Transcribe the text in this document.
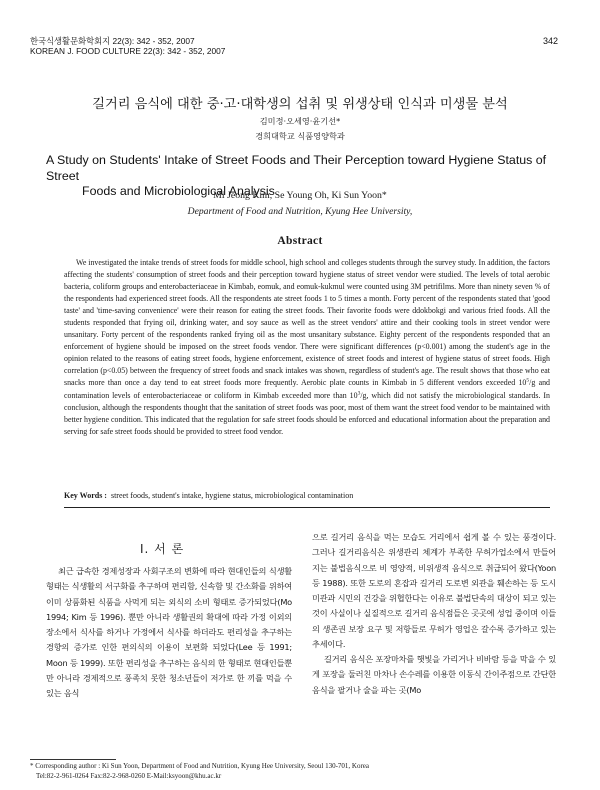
한국식생활문화학회지 22(3): 342 - 352, 2007
KOREAN J. FOOD CULTURE 22(3): 342 - 352, 2007
342
길거리 음식에 대한 중·고·대학생의 섭취 및 위생상태 인식과 미생물 분석
김미정·오세영·윤기선*
경희대학교 식품영양학과
A Study on Students' Intake of Street Foods and Their Perception toward Hygiene Status of Street
Foods and Microbiological Analysis
Mi Jeong Kim, Se Young Oh, Ki Sun Yoon*
Department of Food and Nutrition, Kyung Hee University,
Abstract
We investigated the intake trends of street foods for middle school, high school and colleges students through the survey study. In addition, the factors affecting the students' consumption of street foods and their perception toward hygiene status of street vendor were studied. The levels of total aerobic bacteria, coliform groups and enterobacteriaceae in Kimbab, eomuk, and eomuk-kukmul were counted using 3M petrifilms. More than ninety seven % of the respondents had experienced street foods. All the respondents ate street foods 1 to 5 times a month. Forty percent of the respondents stated that 'good taste' and 'time-saving convenience' were their reason for eating the street foods. Their favorite foods were ddokbokgi and various fried foods. All the students responded that frying oil, drinking water, and soy sauce as well as the street vendors' attire and their cooking tools in street vendor were unsanitary. Forty percent of the respondents ranked frying oil as the most unsanitary substance. Eighty percent of the respondents responded that an enforcement of hygiene should be imposed on the street foods vendor. There were significant differences (p<0.001) among the student's age in the opinion related to the reasons of eating street foods, hygiene enforcement, existence of street foods and interest of hygiene status of street foods. High correlation (p<0.05) between the frequency of street foods and snack intakes was shown, regardless of student's age. The result shows that those who eat snacks more than once a day tend to eat street foods more frequently. Aerobic plate counts in Kimbab in 5 different vendors exceeded $10^5/g$ and contamination levels of enterobacteriaceae or coliform in Kimbab exceeded more than $10^3/g$, which did not satisfy the microbiological standards. In conclusion, although the respondents thought that the sanitation of street foods was poor, most of them want the street food vendor to be maintained with better hygiene condition. This indicated that the regulation for safe street foods should be enforced and educational information about the preparation and serving for safe street foods should be provided to street food vendor.
Key Words : street foods, student's intake, hygiene status, microbiological contamination
I. 서 론

최근 급속한 경제성장과 사회구조의 변화에 따라 현대인들의 식생활 형태는 식생활의 서구화를 추구하며 편리함, 신속함 및 간소화를 위하여 이미 상품화된 식품을 사먹게 되는 외식의 소비 형태로 증가되었다(Mo 1994; Kim 등 1996). 뿐만 아니라 생활권의 확대에 따라 가정 이외의 장소에서 식사를 하거나 가정에서 식사를 하더라도 편리성을 추구하는 경향의 증가로 인한 편의식의 이용이 보편화 되었다(Lee 등 1991; Moon 등 1999). 또한 편리성을 추구하는 음식의 한 형태로 현대인들뿐만 아니라 경제적으로 풍족치 못한 청소년들이 저가로 한 끼를 먹을 수 있는 음식

으로 길거리 음식을 먹는 모습도 거리에서 쉽게 볼 수 있는 풍경이다. 그러나 길거리음식은 위생관리 체계가 부족한 무허가업소에서 만들어지는 불법음식으로 비 영양적, 비위생적 음식으로 취급되어 왔다(Yoon 등 1988). 또한 도로의 혼잡과 길거리 도로변 외관을 훼손하는 등 도시미관과 시민의 건강을 위협한다는 이유로 불법단속의 대상이 되고 있는 것이 사실이나 실질적으로 길거리 음식점들은 곳곳에 성업 중이며 이들의 생존권 보장 요구 및 저항들로 무허가 영업은 갈수록 증가하고 있는 추세이다.

길거리 음식은 포장마차를 햇빛을 가리거나 비바람 등을 막을 수 있게 포장을 둘러친 마차나 손수레를 이용한 이동식 간이주점으로 간단한 음식을 팔거나 술을 파는 곳(Mo

* Corresponding author : Ki Sun Yoon, Department of Food and Nutrition, Kyung Hee University, Seoul 130-701, Korea
Tel:82-2-961-0264 Fax:82-2-968-0260 E-Mail:ksyoon@khu.ac.kr
